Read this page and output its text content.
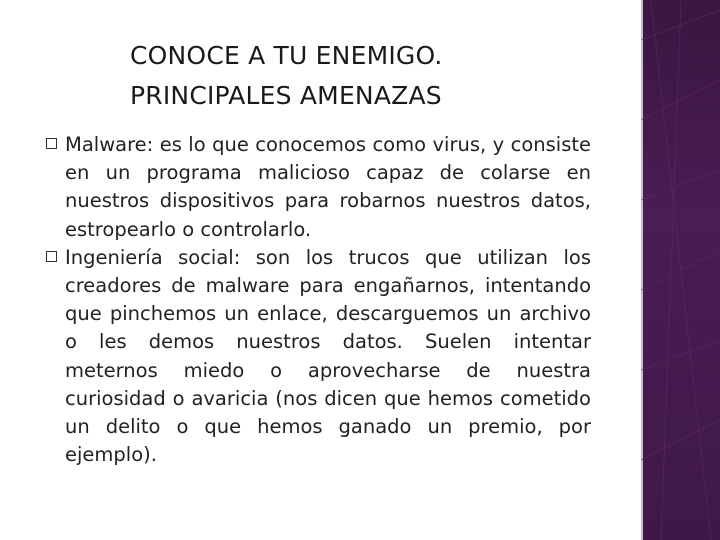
CONOCE A TU ENEMIGO.
PRINCIPALES AMENAZAS
Malware: es lo que conocemos como virus, y consiste en un programa malicioso capaz de colarse en nuestros dispositivos para robarnos nuestros datos, estropearlo o controlarlo.
Ingeniería social: son los trucos que utilizan los creadores de malware para engañarnos, intentando que pinchemos un enlace, descarguemos un archivo o les demos nuestros datos. Suelen intentar meternos miedo o aprovecharse de nuestra curiosidad o avaricia (nos dicen que hemos cometido un delito o que hemos ganado un premio, por ejemplo).
